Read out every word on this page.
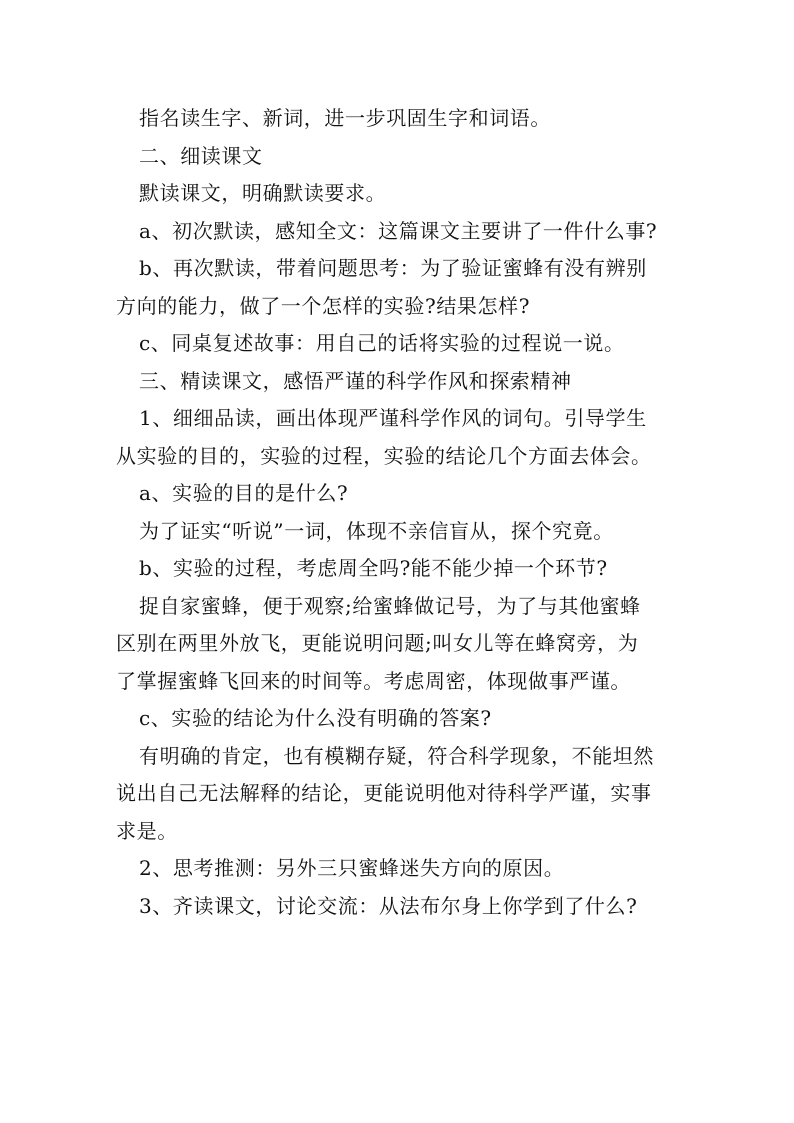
指名读生字、新词，进一步巩固生字和词语。
二、细读课文
默读课文，明确默读要求。
a、初次默读，感知全文：这篇课文主要讲了一件什么事?
b、再次默读，带着问题思考：为了验证蜜蜂有没有辨别
方向的能力，做了一个怎样的实验?结果怎样?
c、同桌复述故事：用自己的话将实验的过程说一说。
三、精读课文，感悟严谨的科学作风和探索精神
1、细细品读，画出体现严谨科学作风的词句。引导学生
从实验的目的，实验的过程，实验的结论几个方面去体会。
a、实验的目的是什么?
为了证实“听说”一词，体现不亲信盲从，探个究竟。
b、实验的过程，考虑周全吗?能不能少掉一个环节?
捉自家蜜蜂，便于观察;给蜜蜂做记号，为了与其他蜜蜂
区别在两里外放飞，更能说明问题;叫女儿等在蜂窝旁，为
了掌握蜜蜂飞回来的时间等。考虑周密，体现做事严谨。
c、实验的结论为什么没有明确的答案?
有明确的肯定，也有模糊存疑，符合科学现象，不能坦然
说出自己无法解释的结论，更能说明他对待科学严谨，实事
求是。
2、思考推测：另外三只蜜蜂迷失方向的原因。
3、齐读课文，讨论交流：从法布尔身上你学到了什么?
